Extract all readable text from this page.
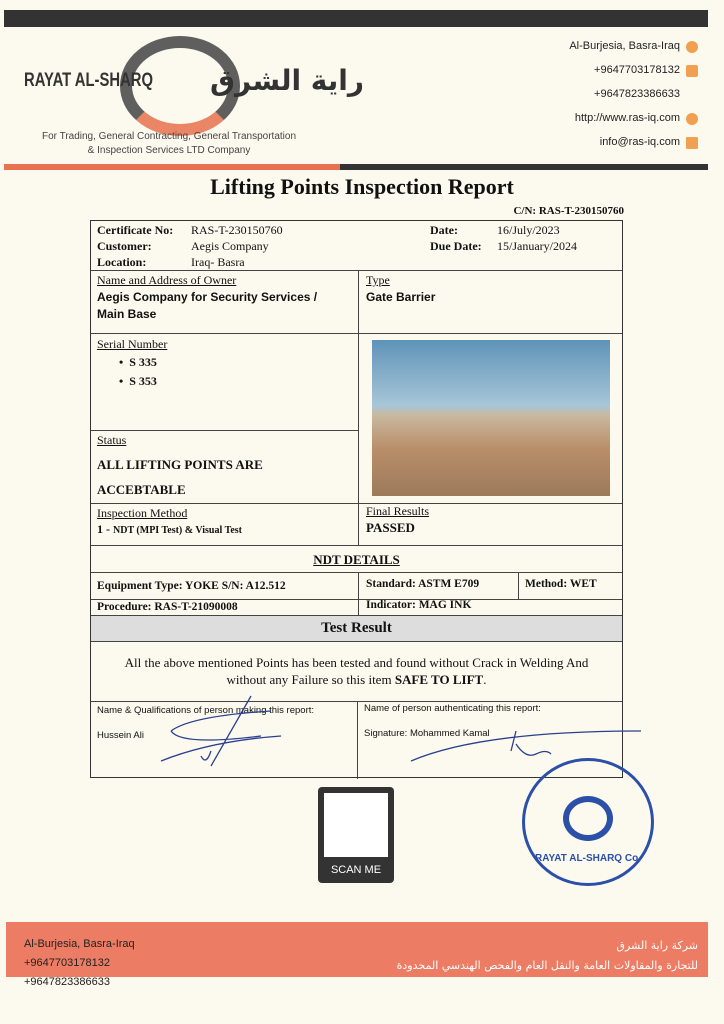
RAYAT AL-SHARQ راية الشرق
For Trading, General Contracting, General Transportation
& Inspection Services LTD Company
Al-Burjesia, Basra-Iraq
+9647703178132
+9647823386633
http://www.ras-iq.com
info@ras-iq.com
Lifting Points Inspection Report
C/N: RAS-T-230150760
Certificate No: RAS-T-230150760
Customer:	Aegis Company
Location:	Iraq- Basra
Date:	16/July/2023
Due Date: 15/January/2024
Name and Address of Owner
Aegis Company for Security Services /
Main Base
Type
Gate Barrier
Serial Number
•  S 335
•  S 353
Status
ALL LIFTING POINTS ARE
ACCEBTABLE
Inspection Method
1 - NDT (MPI Test) & Visual Test
Final Results
PASSED
NDT DETAILS
Equipment Type: YOKE S/N: A12.512	Standard: ASTM E709	Method: WET
Procedure: RAS-T-21090008	Indicator: MAG INK
Test Result
All the above mentioned Points has been tested and found without Crack in Welding And
without any Failure so this item SAFE TO LIFT.
Name & Qualifications of person making this report:
Hussein Ali
Name of person authenticating this report:
Signature: Mohammed Kamal
SCAN ME
RAYAT AL-SHARQ Co.
Al-Burjesia, Basra-Iraq
+9647703178132
+9647823386633
شركة راية الشرق
للتجارة والمقاولات العامة والنقل العام والفحص الهندسي المحدودة
